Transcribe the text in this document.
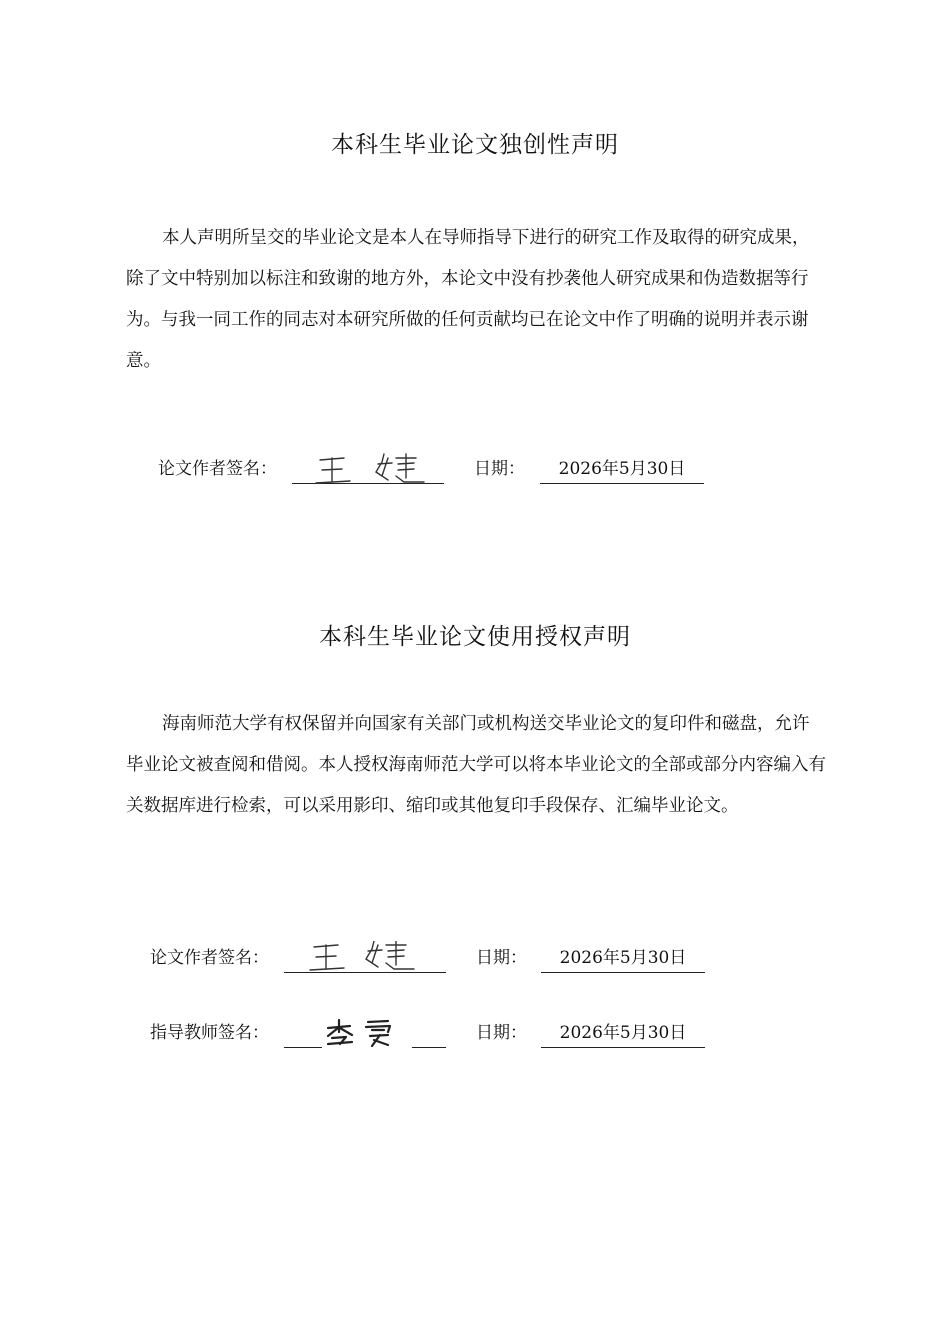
本科生毕业论文独创性声明

本人声明所呈交的毕业论文是本人在导师指导下进行的研究工作及取得的研究成果，除了文中特别加以标注和致谢的地方外，本论文中没有抄袭他人研究成果和伪造数据等行为。与我一同工作的同志对本研究所做的任何贡献均已在论文中作了明确的说明并表示谢意。

论文作者签名：	日期：	2026年5月30日
本科生毕业论文使用授权声明

海南师范大学有权保留并向国家有关部门或机构送交毕业论文的复印件和磁盘，允许毕业论文被查阅和借阅。本人授权海南师范大学可以将本毕业论文的全部或部分内容编入有关数据库进行检索，可以采用影印、缩印或其他复印手段保存、汇编毕业论文。

论文作者签名：	日期：	2026年5月30日
指导教师签名：	日期：	2026年5月30日
